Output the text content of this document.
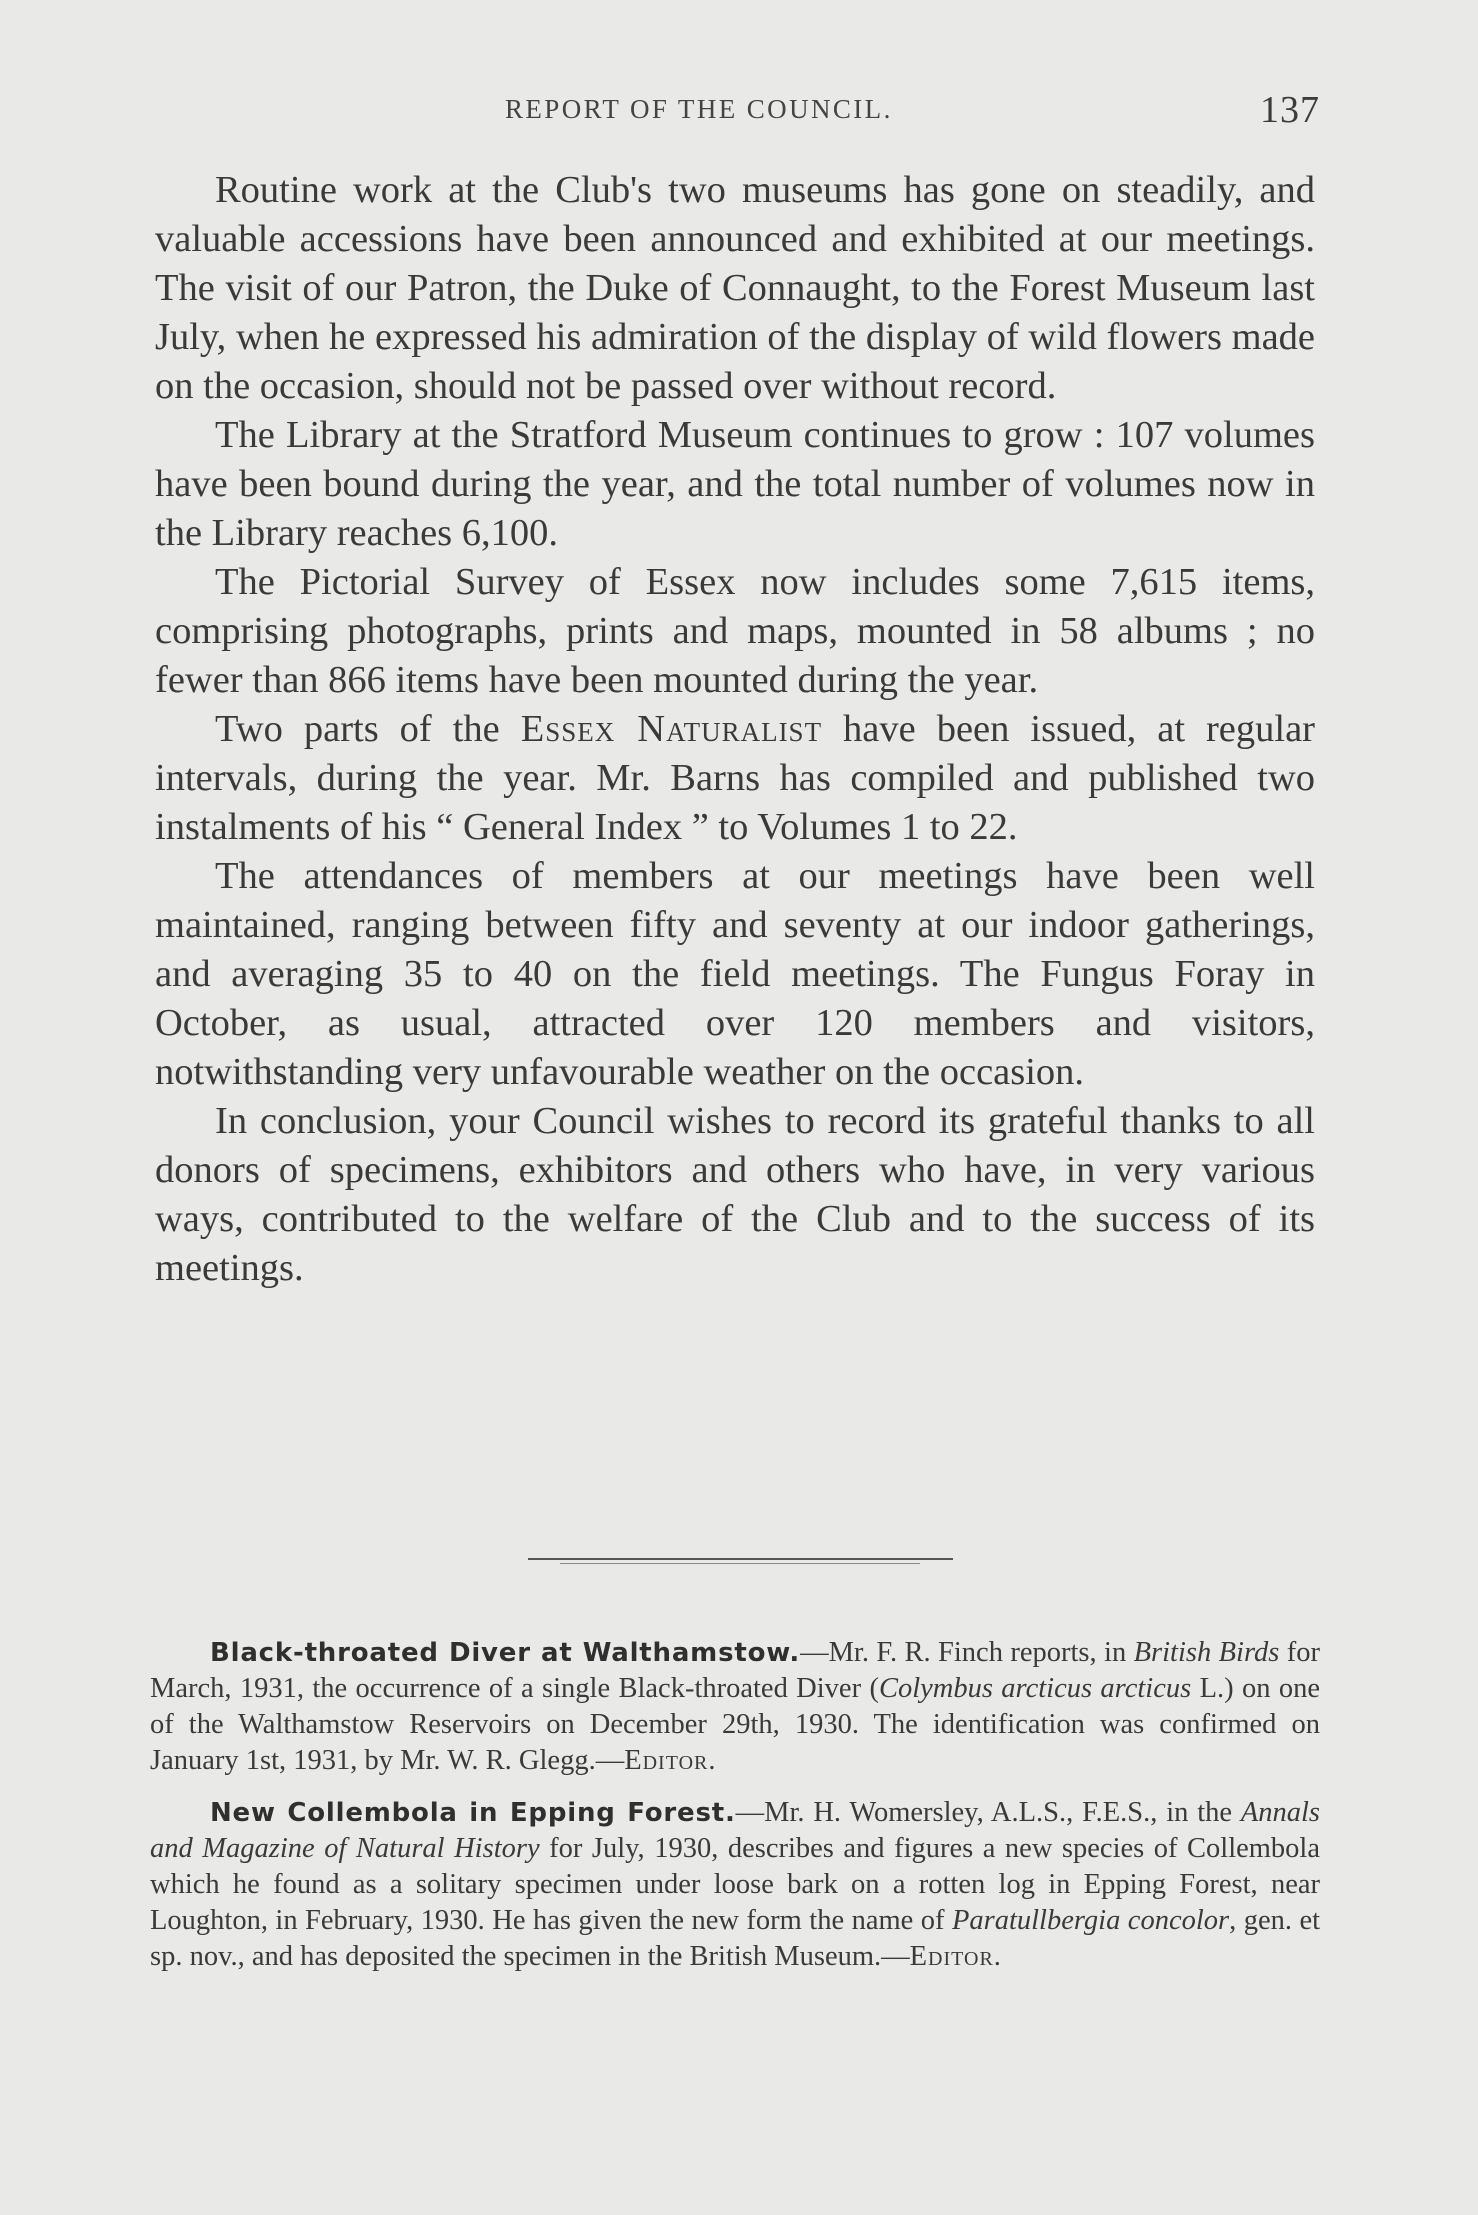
REPORT OF THE COUNCIL.	137

Routine work at the Club's two museums has gone on steadily, and valuable accessions have been announced and exhibited at our meetings. The visit of our Patron, the Duke of Connaught, to the Forest Museum last July, when he expressed his admiration of the display of wild flowers made on the occasion, should not be passed over without record.

The Library at the Stratford Museum continues to grow : 107 volumes have been bound during the year, and the total number of volumes now in the Library reaches 6,100.

The Pictorial Survey of Essex now includes some 7,615 items, comprising photographs, prints and maps, mounted in 58 albums ; no fewer than 866 items have been mounted during the year.

Two parts of the Essex Naturalist have been issued, at regular intervals, during the year. Mr. Barns has compiled and published two instalments of his “ General Index ” to Volumes 1 to 22.

The attendances of members at our meetings have been well maintained, ranging between fifty and seventy at our indoor gatherings, and averaging 35 to 40 on the field meetings. The Fungus Foray in October, as usual, attracted over 120 members and visitors, notwithstanding very unfavourable weather on the occasion.

In conclusion, your Council wishes to record its grateful thanks to all donors of specimens, exhibitors and others who have, in very various ways, contributed to the welfare of the Club and to the success of its meetings.

Black-throated Diver at Walthamstow.—Mr. F. R. Finch reports, in British Birds for March, 1931, the occurrence of a single Black-throated Diver (Colymbus arcticus arcticus L.) on one of the Walthamstow Reservoirs on December 29th, 1930. The identification was confirmed on January 1st, 1931, by Mr. W. R. Glegg.—Editor.

New Collembola in Epping Forest.—Mr. H. Womersley, A.L.S., F.E.S., in the Annals and Magazine of Natural History for July, 1930, describes and figures a new species of Collembola which he found as a solitary specimen under loose bark on a rotten log in Epping Forest, near Loughton, in February, 1930. He has given the new form the name of Paratullbergia concolor, gen. et sp. nov., and has deposited the specimen in the British Museum.—Editor.
